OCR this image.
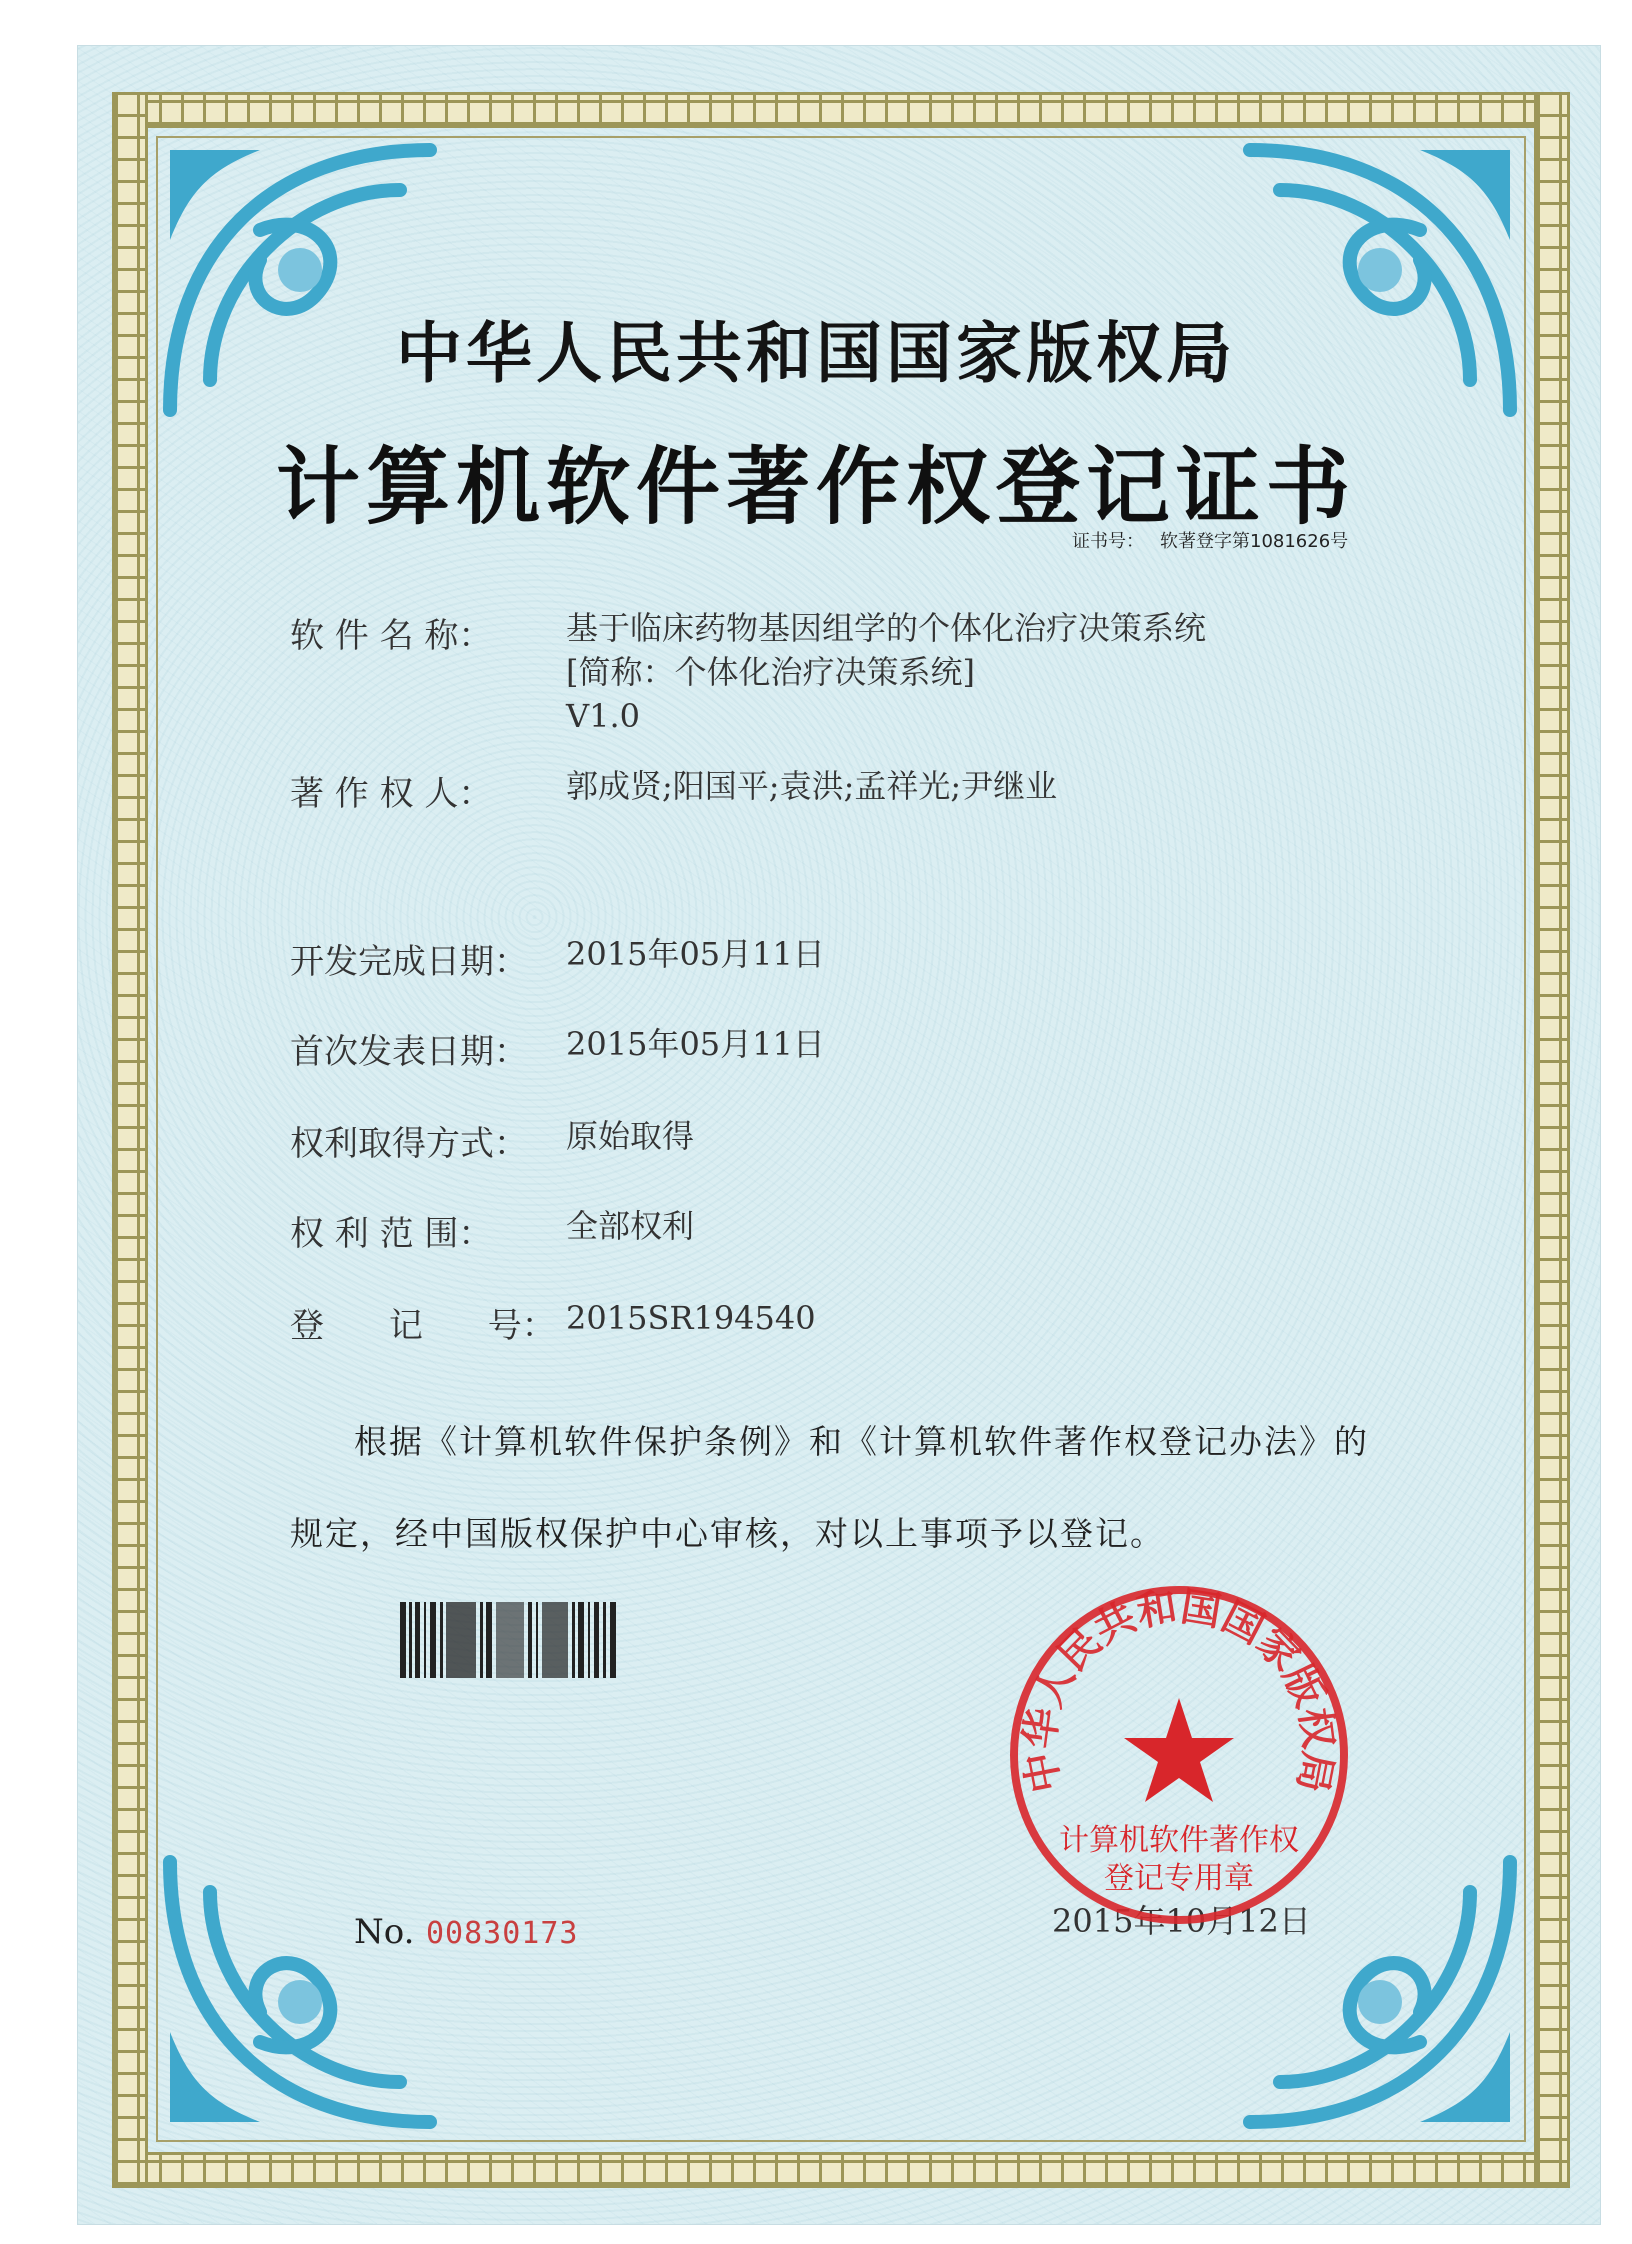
中华人民共和国国家版权局
计算机软件著作权登记证书
证书号： 软著登字第1081626号
软 件 名 称： 基于临床药物基因组学的个体化治疗决策系统
[简称：个体化治疗决策系统]
V1.0
著 作 权 人： 郭成贤;阳国平;袁洪;孟祥光;尹继业
开发完成日期： 2015年05月11日
首次发表日期： 2015年05月11日
权利取得方式： 原始取得
权 利 范 围： 全部权利
登      记      号： 2015SR194540
根据《计算机软件保护条例》和《计算机软件著作权登记办法》的
规定，经中国版权保护中心审核，对以上事项予以登记。
No. 00830173	2015年10月12日
中华人民共和国国家版权局
计算机软件著作权
登记专用章
